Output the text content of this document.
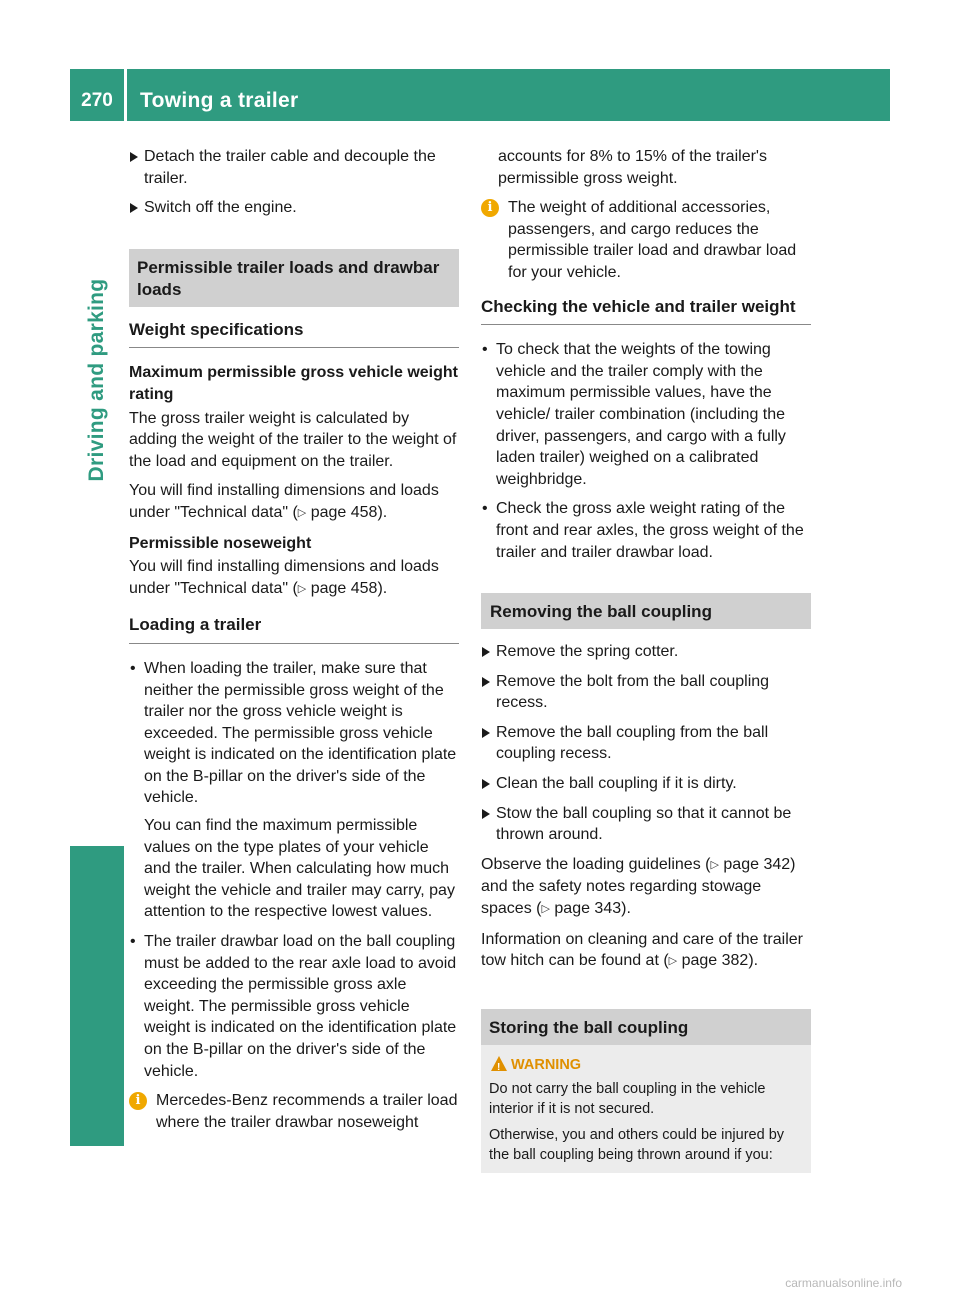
270	Towing a trailer
Driving and parking
Detach the trailer cable and decouple the trailer.
Switch off the engine.
Permissible trailer loads and drawbar loads
Weight specifications

Maximum permissible gross vehicle weight rating

The gross trailer weight is calculated by adding the weight of the trailer to the weight of the load and equipment on the trailer.

You will find installing dimensions and loads under "Technical data" (▷ page 458).

Permissible noseweight

You will find installing dimensions and loads under "Technical data" (▷ page 458).

Loading a trailer
• When loading the trailer, make sure that neither the permissible gross weight of the trailer nor the gross vehicle weight is exceeded. The permissible gross vehicle weight is indicated on the identification plate on the B-pillar on the driver's side of the vehicle.
You can find the maximum permissible values on the type plates of your vehicle and the trailer. When calculating how much weight the vehicle and trailer may carry, pay attention to the respective lowest values.
• The trailer drawbar load on the ball coupling must be added to the rear axle load to avoid exceeding the permissible gross axle weight. The permissible gross vehicle weight is indicated on the identification plate on the B-pillar on the driver's side of the vehicle.
i Mercedes-Benz recommends a trailer load where the trailer drawbar noseweight

accounts for 8% to 15% of the trailer's permissible gross weight.

i The weight of additional accessories, passengers, and cargo reduces the permissible trailer load and drawbar load for your vehicle.
Checking the vehicle and trailer weight
• To check that the weights of the towing vehicle and the trailer comply with the maximum permissible values, have the vehicle/ trailer combination (including the driver, passengers, and cargo with a fully laden trailer) weighed on a calibrated weighbridge.
• Check the gross axle weight rating of the front and rear axles, the gross weight of the trailer and trailer drawbar load.
Removing the ball coupling
Remove the spring cotter.
Remove the bolt from the ball coupling recess.
Remove the ball coupling from the ball coupling recess.
Clean the ball coupling if it is dirty.
Stow the ball coupling so that it cannot be thrown around.

Observe the loading guidelines (▷ page 342) and the safety notes regarding stowage spaces (▷ page 343).

Information on cleaning and care of the trailer tow hitch can be found at (▷ page 382).

Storing the ball coupling
!
WARNING

Do not carry the ball coupling in the vehicle interior if it is not secured.

Otherwise, you and others could be injured by the ball coupling being thrown around if you:

carmanualsonline.info
